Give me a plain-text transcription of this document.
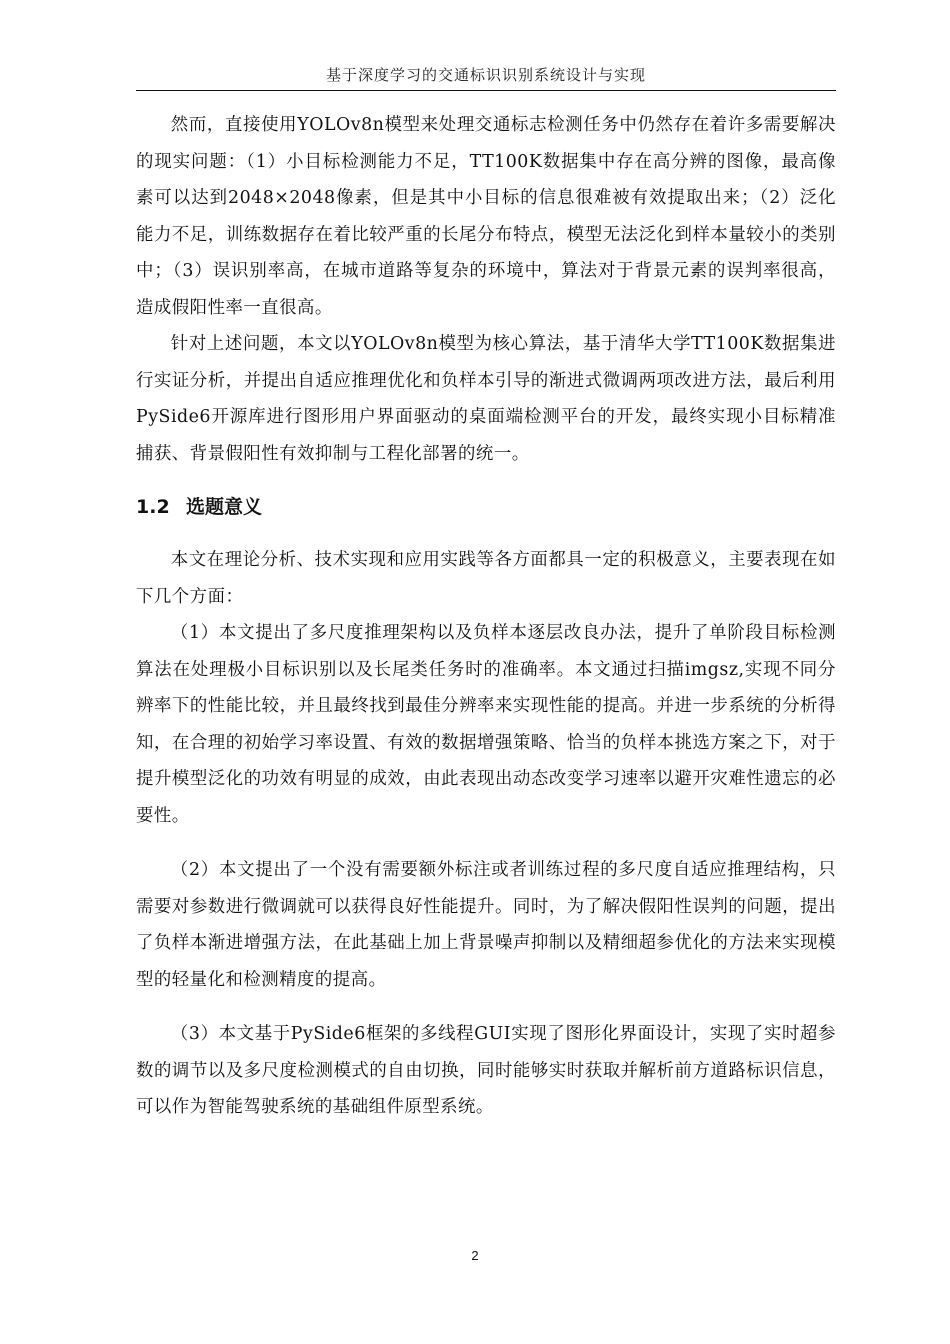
基于深度学习的交通标识识别系统设计与实现

然而，直接使用YOLOv8n模型来处理交通标志检测任务中仍然存在着许多需要解决的现实问题：（1）小目标检测能力不足，TT100K数据集中存在高分辨的图像，最高像素可以达到2048×2048像素，但是其中小目标的信息很难被有效提取出来；（2）泛化能力不足，训练数据存在着比较严重的长尾分布特点，模型无法泛化到样本量较小的类别中；（3）误识别率高，在城市道路等复杂的环境中，算法对于背景元素的误判率很高，造成假阳性率一直很高。

针对上述问题，本文以YOLOv8n模型为核心算法，基于清华大学TT100K数据集进行实证分析，并提出自适应推理优化和负样本引导的渐进式微调两项改进方法，最后利用PySide6开源库进行图形用户界面驱动的桌面端检测平台的开发，最终实现小目标精准捕获、背景假阳性有效抑制与工程化部署的统一。

1.2 选题意义

本文在理论分析、技术实现和应用实践等各方面都具一定的积极意义，主要表现在如下几个方面：

（1）本文提出了多尺度推理架构以及负样本逐层改良办法，提升了单阶段目标检测算法在处理极小目标识别以及长尾类任务时的准确率。本文通过扫描imgsz,实现不同分辨率下的性能比较，并且最终找到最佳分辨率来实现性能的提高。并进一步系统的分析得知，在合理的初始学习率设置、有效的数据增强策略、恰当的负样本挑选方案之下，对于提升模型泛化的功效有明显的成效，由此表现出动态改变学习速率以避开灾难性遗忘的必要性。

（2）本文提出了一个没有需要额外标注或者训练过程的多尺度自适应推理结构，只需要对参数进行微调就可以获得良好性能提升。同时，为了解决假阳性误判的问题，提出了负样本渐进增强方法，在此基础上加上背景噪声抑制以及精细超参优化的方法来实现模型的轻量化和检测精度的提高。

（3）本文基于PySide6框架的多线程GUI实现了图形化界面设计，实现了实时超参数的调节以及多尺度检测模式的自由切换，同时能够实时获取并解析前方道路标识信息，可以作为智能驾驶系统的基础组件原型系统。

2
